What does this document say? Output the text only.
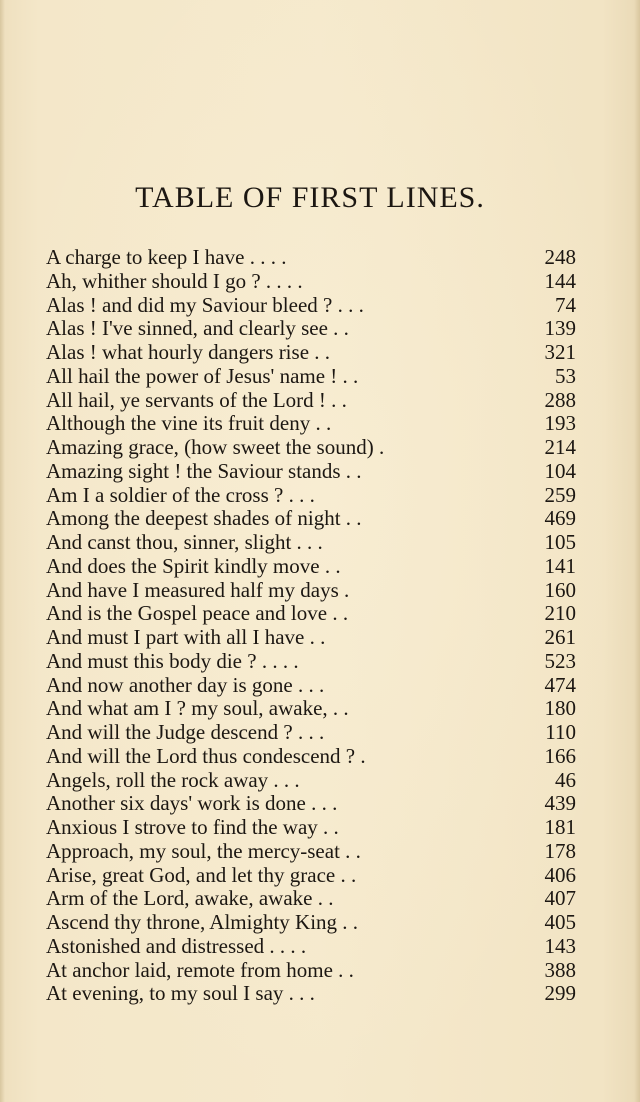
TABLE OF FIRST LINES.
A charge to keep I have . . . .	248
Ah, whither should I go ? . . . .	144
Alas ! and did my Saviour bleed ? . . .	74
Alas ! I've sinned, and clearly see . .	139
Alas ! what hourly dangers rise . .	321
All hail the power of Jesus' name ! . .	53
All hail, ye servants of the Lord ! . .	288
Although the vine its fruit deny . .	193
Amazing grace, (how sweet the sound) .	214
Amazing sight ! the Saviour stands . .	104
Am I a soldier of the cross ? . . .	259
Among the deepest shades of night . .	469
And canst thou, sinner, slight . . .	105
And does the Spirit kindly move . .	141
And have I measured half my days .	160
And is the Gospel peace and love . .	210
And must I part with all I have . .	261
And must this body die ? . . . .	523
And now another day is gone . . .	474
And what am I ? my soul, awake, . .	180
And will the Judge descend ? . . .	110
And will the Lord thus condescend ? .	166
Angels, roll the rock away . . .	46
Another six days' work is done . . .	439
Anxious I strove to find the way . .	181
Approach, my soul, the mercy-seat . .	178
Arise, great God, and let thy grace . .	406
Arm of the Lord, awake, awake . .	407
Ascend thy throne, Almighty King . .	405
Astonished and distressed . . . .	143
At anchor laid, remote from home . .	388
At evening, to my soul I say . . .	299
